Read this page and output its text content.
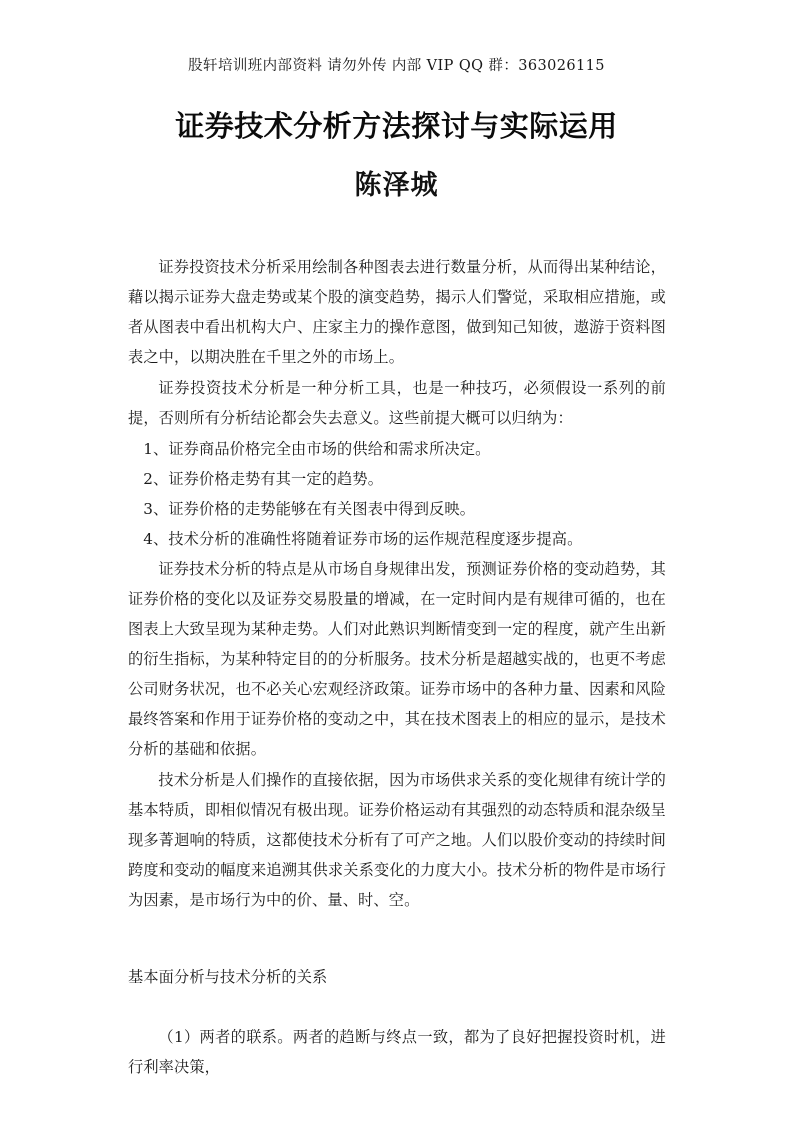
股轩培训班内部资料 请勿外传 内部 VIP QQ 群：363026115
证券技术分析方法探讨与实际运用
陈泽城

证券投资技术分析采用绘制各种图表去进行数量分析，从而得出某种结论，藉以揭示证券大盘走势或某个股的演变趋势，揭示人们警觉，采取相应措施，或者从图表中看出机构大户、庄家主力的操作意图，做到知己知彼，遨游于资料图表之中，以期决胜在千里之外的市场上。

证券投资技术分析是一种分析工具，也是一种技巧，必须假设一系列的前提，否则所有分析结论都会失去意义。这些前提大概可以归纳为：

1、证券商品价格完全由市场的供给和需求所决定。

2、证券价格走势有其一定的趋势。

3、证券价格的走势能够在有关图表中得到反映。

4、技术分析的准确性将随着证券市场的运作规范程度逐步提高。

证券技术分析的特点是从市场自身规律出发，预测证券价格的变动趋势，其证券价格的变化以及证券交易股量的增减，在一定时间内是有规律可循的，也在图表上大致呈现为某种走势。人们对此熟识判断情变到一定的程度，就产生出新的衍生指标，为某种特定目的的分析服务。技术分析是超越实战的，也更不考虑公司财务状况，也不必关心宏观经济政策。证券市场中的各种力量、因素和风险最终答案和作用于证券价格的变动之中，其在技术图表上的相应的显示，是技术分析的基础和依据。

技术分析是人们操作的直接依据，因为市场供求关系的变化规律有统计学的基本特质，即相似情况有极出现。证券价格运动有其强烈的动态特质和混杂级呈现多菁迴响的特质，这都使技术分析有了可产之地。人们以股价变动的持续时间跨度和变动的幅度来追溯其供求关系变化的力度大小。技术分析的物件是市场行为因素，是市场行为中的价、量、时、空。

基本面分析与技术分析的关系

（1）两者的联系。两者的趋断与终点一致，都为了良好把握投资时机，进行利率决策，
